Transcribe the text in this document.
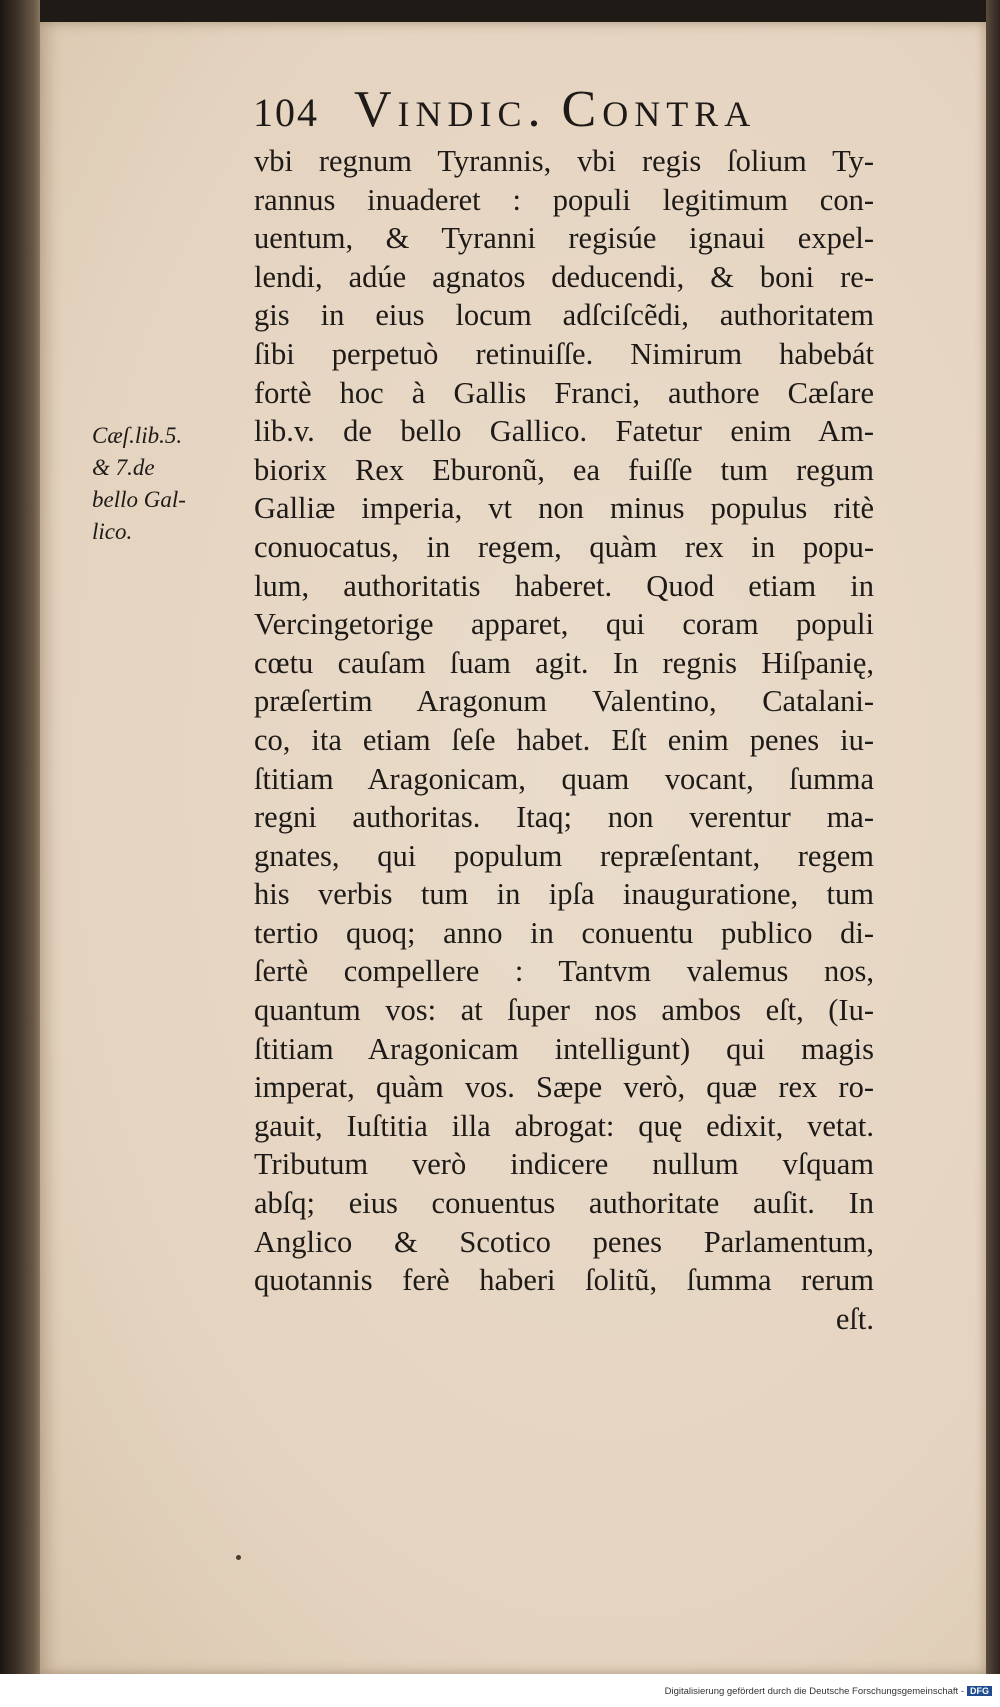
104 Vindic. Contra
Cæſ.lib.5.
& 7.de
bello Gal-
lico.
vbi regnum Tyrannis, vbi regis ſolium Ty-
rannus inuaderet : populi legitimum con-
uentum, & Tyranni regisúe ignaui expel-
lendi, adúe agnatos deducendi, & boni re-
gis in eius locum adſciſcẽdi, authoritatem
ſibi perpetuò retinuiſſe. Nimirum habebát
fortè hoc à Gallis Franci, authore Cæſare
lib.v. de bello Gallico. Fatetur enim Am-
biorix Rex Eburonũ, ea fuiſſe tum regum
Galliæ imperia, vt non minus populus ritè
conuocatus, in regem, quàm rex in popu-
lum, authoritatis haberet. Quod etiam in
Vercingetorige apparet, qui coram populi
cœtu cauſam ſuam agit. In regnis Hiſpanię,
præſertim Aragonum Valentino, Catalani-
co, ita etiam ſeſe habet. Eſt enim penes iu-
ſtitiam Aragonicam, quam vocant, ſumma
regni authoritas. Itaq; non verentur ma-
gnates, qui populum repræſentant, regem
his verbis tum in ipſa inauguratione, tum
tertio quoq; anno in conuentu publico di-
ſertè compellere : Tantvm valemus nos,
quantum vos: at ſuper nos ambos eſt, (Iu-
ſtitiam Aragonicam intelligunt) qui magis
imperat, quàm vos. Sæpe verò, quæ rex ro-
gauit, Iuſtitia illa abrogat: quę edixit, vetat.
Tributum verò indicere nullum vſquam
abſq; eius conuentus authoritate auſit. In
Anglico & Scotico penes Parlamentum,
quotannis ferè haberi ſolitũ, ſumma rerum
eſt.
Digitalisierung gefördert durch die Deutsche Forschungsgemeinschaft - DFG
